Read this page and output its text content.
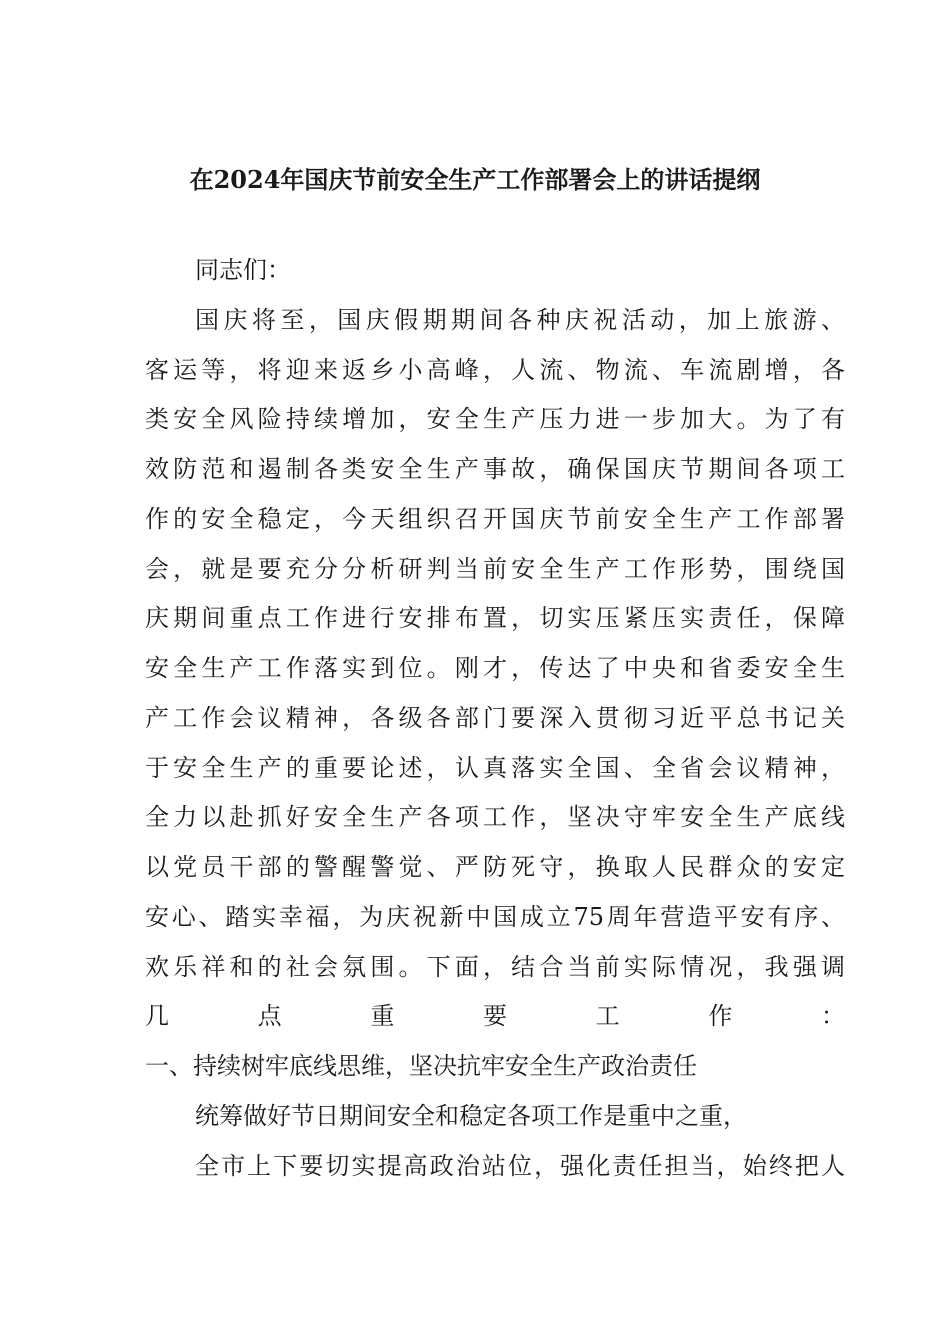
在2024年国庆节前安全生产工作部署会上的讲话提纲
同志们：
国庆将至，国庆假期期间各种庆祝活动，加上旅游、
客运等，将迎来返乡小高峰，人流、物流、车流剧增，各
类安全风险持续增加，安全生产压力进一步加大。为了有
效防范和遏制各类安全生产事故，确保国庆节期间各项工
作的安全稳定，今天组织召开国庆节前安全生产工作部署
会，就是要充分分析研判当前安全生产工作形势，围绕国
庆期间重点工作进行安排布置，切实压紧压实责任，保障
安全生产工作落实到位。刚才，传达了中央和省委安全生
产工作会议精神，各级各部门要深入贯彻习近平总书记关
于安全生产的重要论述，认真落实全国、全省会议精神，
全力以赴抓好安全生产各项工作，坚决守牢安全生产底线
以党员干部的警醒警觉、严防死守，换取人民群众的安定
安心、踏实幸福，为庆祝新中国成立75周年营造平安有序、
欢乐祥和的社会氛围。下面，结合当前实际情况，我强调
几点重要工作：
一、持续树牢底线思维，坚决抗牢安全生产政治责任
统筹做好节日期间安全和稳定各项工作是重中之重，
全市上下要切实提高政治站位，强化责任担当，始终把人
